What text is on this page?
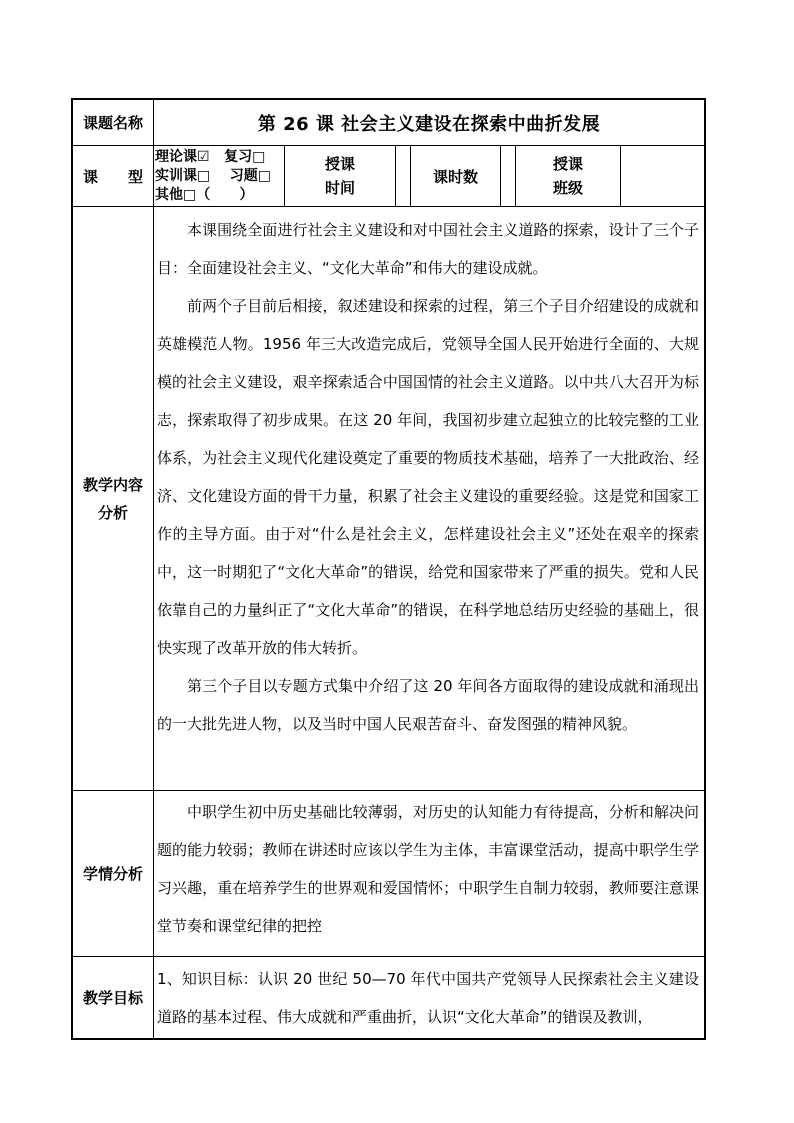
课题名称	第 26 课 社会主义建设在探索中曲折发展
课　　型
理论课☑   复习□
实训课□    习题□
其他□（      ）
授课
时间
课时数
授课
班级
教学内容
分析

本课围绕全面进行社会主义建设和对中国社会主义道路的探索，设计了三个子目：全面建设社会主义、“文化大革命”和伟大的建设成就。

前两个子目前后相接，叙述建设和探索的过程，第三个子目介绍建设的成就和英雄模范人物。1956 年三大改造完成后，党领导全国人民开始进行全面的、大规模的社会主义建设，艰辛探索适合中国国情的社会主义道路。以中共八大召开为标志，探索取得了初步成果。在这 20 年间，我国初步建立起独立的比较完整的工业体系，为社会主义现代化建设奠定了重要的物质技术基础，培养了一大批政治、经济、文化建设方面的骨干力量，积累了社会主义建设的重要经验。这是党和国家工作的主导方面。由于对“什么是社会主义，怎样建设社会主义”还处在艰辛的探索中，这一时期犯了“文化大革命”的错误，给党和国家带来了严重的损失。党和人民依靠自己的力量纠正了“文化大革命”的错误，在科学地总结历史经验的基础上，很快实现了改革开放的伟大转折。

第三个子目以专题方式集中介绍了这 20 年间各方面取得的建设成就和涌现出的一大批先进人物，以及当时中国人民艰苦奋斗、奋发图强的精神风貌。

学情分析

中职学生初中历史基础比较薄弱，对历史的认知能力有待提高，分析和解决问题的能力较弱；教师在讲述时应该以学生为主体，丰富课堂活动，提高中职学生学习兴趣，重在培养学生的世界观和爱国情怀；中职学生自制力较弱，教师要注意课堂节奏和课堂纪律的把控

教学目标

1、知识目标：认识 20 世纪 50—70 年代中国共产党领导人民探索社会主义建设道路的基本过程、伟大成就和严重曲折，认识“文化大革命”的错误及教训，
